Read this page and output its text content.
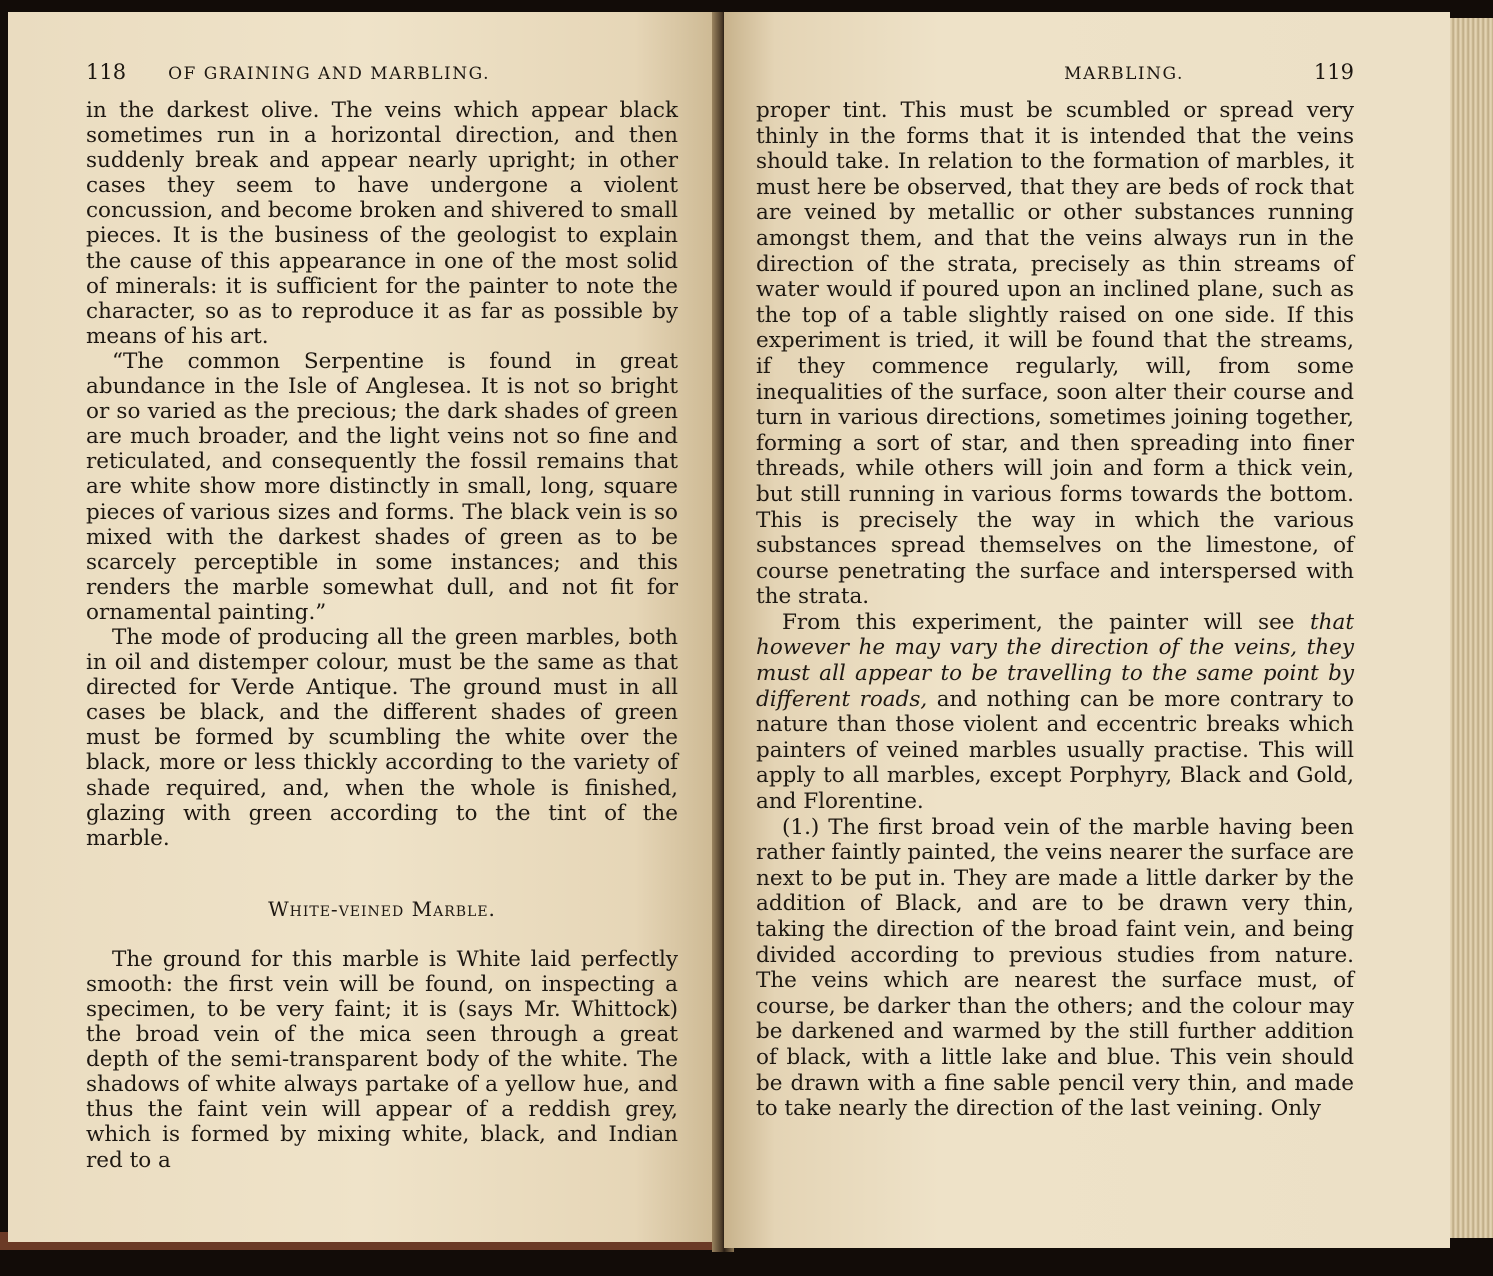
118	OF GRAINING AND MARBLING.

in the darkest olive. The veins which appear black sometimes run in a horizontal direction, and then suddenly break and appear nearly upright; in other cases they seem to have undergone a violent concussion, and become broken and shivered to small pieces. It is the business of the geologist to explain the cause of this appearance in one of the most solid of minerals: it is sufficient for the painter to note the character, so as to reproduce it as far as possible by means of his art.

“The common Serpentine is found in great abundance in the Isle of Anglesea. It is not so bright or so varied as the precious; the dark shades of green are much broader, and the light veins not so fine and reticulated, and consequently the fossil remains that are white show more distinctly in small, long, square pieces of various sizes and forms. The black vein is so mixed with the darkest shades of green as to be scarcely perceptible in some instances; and this renders the marble somewhat dull, and not fit for ornamental painting.”

The mode of producing all the green marbles, both in oil and distemper colour, must be the same as that directed for Verde Antique. The ground must in all cases be black, and the different shades of green must be formed by scumbling the white over the black, more or less thickly according to the variety of shade required, and, when the whole is finished, glazing with green according to the tint of the marble.

White-veined Marble.

The ground for this marble is White laid perfectly smooth: the first vein will be found, on inspecting a specimen, to be very faint; it is (says Mr. Whittock) the broad vein of the mica seen through a great depth of the semi-transparent body of the white. The shadows of white always partake of a yellow hue, and thus the faint vein will appear of a reddish grey, which is formed by mixing white, black, and Indian red to a

MARBLING.	119

proper tint. This must be scumbled or spread very thinly in the forms that it is intended that the veins should take. In relation to the formation of marbles, it must here be observed, that they are beds of rock that are veined by metallic or other substances running amongst them, and that the veins always run in the direction of the strata, precisely as thin streams of water would if poured upon an inclined plane, such as the top of a table slightly raised on one side. If this experiment is tried, it will be found that the streams, if they commence regularly, will, from some inequalities of the surface, soon alter their course and turn in various directions, sometimes joining together, forming a sort of star, and then spreading into finer threads, while others will join and form a thick vein, but still running in various forms towards the bottom. This is precisely the way in which the various substances spread themselves on the limestone, of course penetrating the surface and interspersed with the strata.

From this experiment, the painter will see that however he may vary the direction of the veins, they must all appear to be travelling to the same point by different roads, and nothing can be more contrary to nature than those violent and eccentric breaks which painters of veined marbles usually practise. This will apply to all marbles, except Porphyry, Black and Gold, and Florentine.

(1.) The first broad vein of the marble having been rather faintly painted, the veins nearer the surface are next to be put in. They are made a little darker by the addition of Black, and are to be drawn very thin, taking the direction of the broad faint vein, and being divided according to previous studies from nature. The veins which are nearest the surface must, of course, be darker than the others; and the colour may be darkened and warmed by the still further addition of black, with a little lake and blue. This vein should be drawn with a fine sable pencil very thin, and made to take nearly the direction of the last veining. Only
